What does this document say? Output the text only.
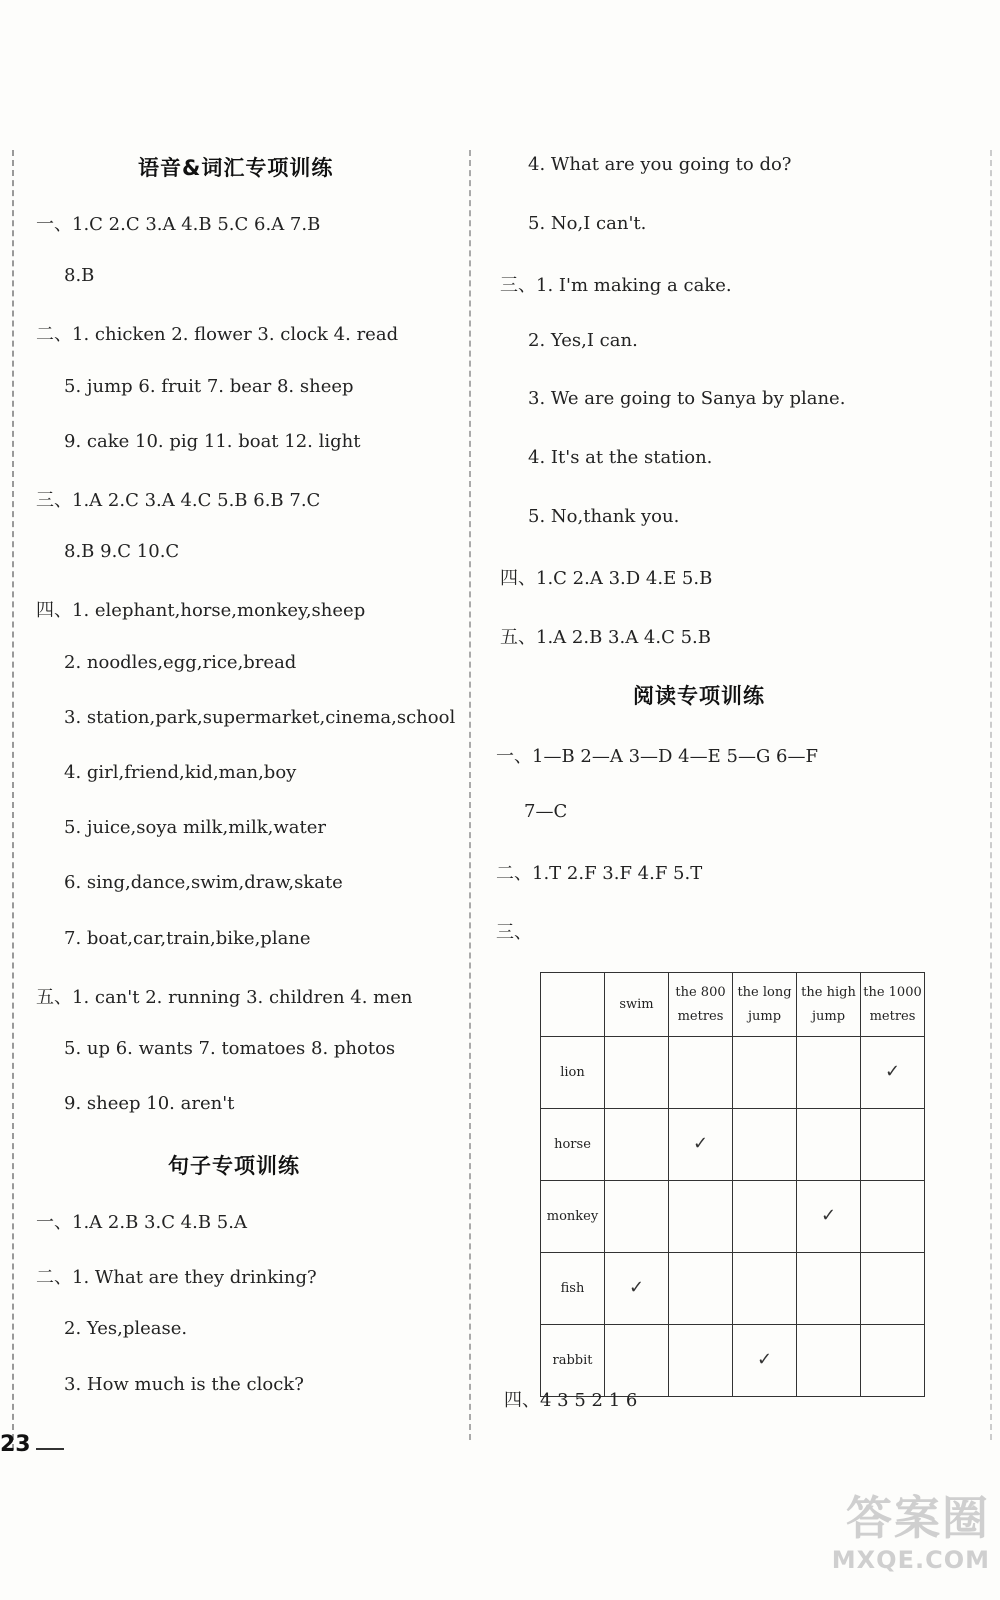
语音&词汇专项训练
一、1.C 2.C 3.A 4.B 5.C 6.A 7.B
8.B
二、1. chicken 2. flower 3. clock 4. read
5. jump 6. fruit 7. bear 8. sheep
9. cake 10. pig 11. boat 12. light
三、1.A 2.C 3.A 4.C 5.B 6.B 7.C
8.B 9.C 10.C
四、1. elephant,horse,monkey,sheep
2. noodles,egg,rice,bread
3. station,park,supermarket,cinema,school
4. girl,friend,kid,man,boy
5. juice,soya milk,milk,water
6. sing,dance,swim,draw,skate
7. boat,car,train,bike,plane
五、1. can't 2. running 3. children 4. men
5. up 6. wants 7. tomatoes 8. photos
9. sheep 10. aren't
句子专项训练
一、1.A 2.B 3.C 4.B 5.A
二、1. What are they drinking?
2. Yes,please.
3. How much is the clock?
4. What are you going to do?
5. No,I can't.
三、1. I'm making a cake.
2. Yes,I can.
3. We are going to Sanya by plane.
4. It's at the station.
5. No,thank you.
四、1.C 2.A 3.D 4.E 5.B
五、1.A 2.B 3.A 4.C 5.B
阅读专项训练
一、1—B 2—A 3—D 4—E 5—G 6—F
7—C
二、1.T 2.F 3.F 4.F 5.T
三、
	swim	the 800 metres	the long jump	the high jump	the 1000 metres
lion					✓
horse		✓			
monkey				✓	
fish	✓				
rabbit			✓		
四、4 3 5 2 1 6
23
答案圈
MXQE.COM
